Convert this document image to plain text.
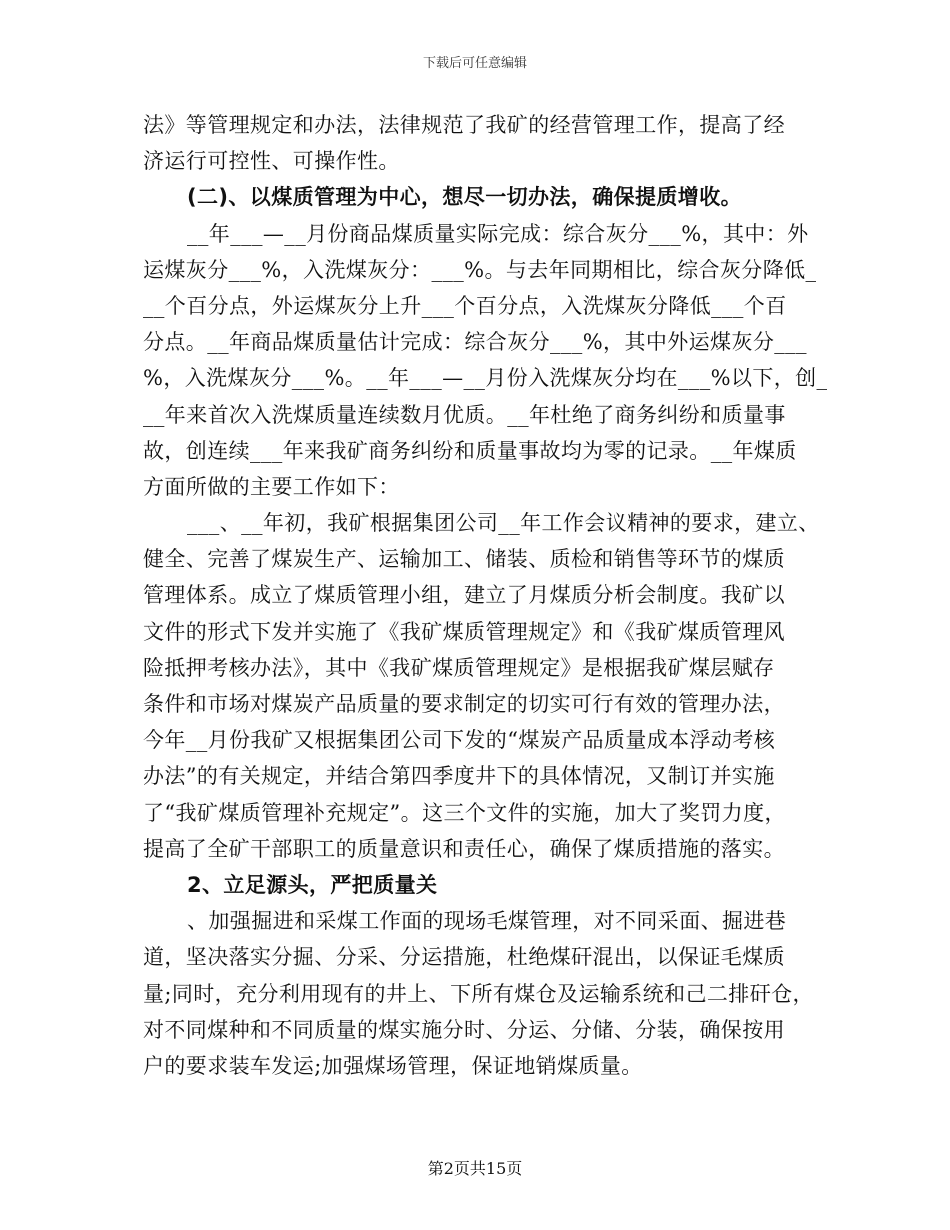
下载后可任意编辑
法》等管理规定和办法，法律规范了我矿的经营管理工作，提高了经
济运行可控性、可操作性。
(二)、以煤质管理为中心，想尽一切办法，确保提质增收。
__年___—__月份商品煤质量实际完成：综合灰分___%，其中：外
运煤灰分___%，入洗煤灰分：___%。与去年同期相比，综合灰分降低_
__个百分点，外运煤灰分上升___个百分点，入洗煤灰分降低___个百
分点。__年商品煤质量估计完成：综合灰分___%，其中外运煤灰分___
%，入洗煤灰分___%。__年___—__月份入洗煤灰分均在___%以下，创_
__年来首次入洗煤质量连续数月优质。__年杜绝了商务纠纷和质量事
故，创连续___年来我矿商务纠纷和质量事故均为零的记录。__年煤质
方面所做的主要工作如下：
___、__年初，我矿根据集团公司__年工作会议精神的要求，建立、
健全、完善了煤炭生产、运输加工、储装、质检和销售等环节的煤质
管理体系。成立了煤质管理小组，建立了月煤质分析会制度。我矿以
文件的形式下发并实施了《我矿煤质管理规定》和《我矿煤质管理风
险抵押考核办法》，其中《我矿煤质管理规定》是根据我矿煤层赋存
条件和市场对煤炭产品质量的要求制定的切实可行有效的管理办法，
今年__月份我矿又根据集团公司下发的“煤炭产品质量成本浮动考核
办法”的有关规定，并结合第四季度井下的具体情况，又制订并实施
了“我矿煤质管理补充规定”。这三个文件的实施，加大了奖罚力度，
提高了全矿干部职工的质量意识和责任心，确保了煤质措施的落实。
2、立足源头，严把质量关
、加强掘进和采煤工作面的现场毛煤管理，对不同采面、掘进巷
道，坚决落实分掘、分采、分运措施，杜绝煤矸混出，以保证毛煤质
量;同时，充分利用现有的井上、下所有煤仓及运输系统和己二排矸仓，
对不同煤种和不同质量的煤实施分时、分运、分储、分装，确保按用
户的要求装车发运;加强煤场管理，保证地销煤质量。
第2页共15页
